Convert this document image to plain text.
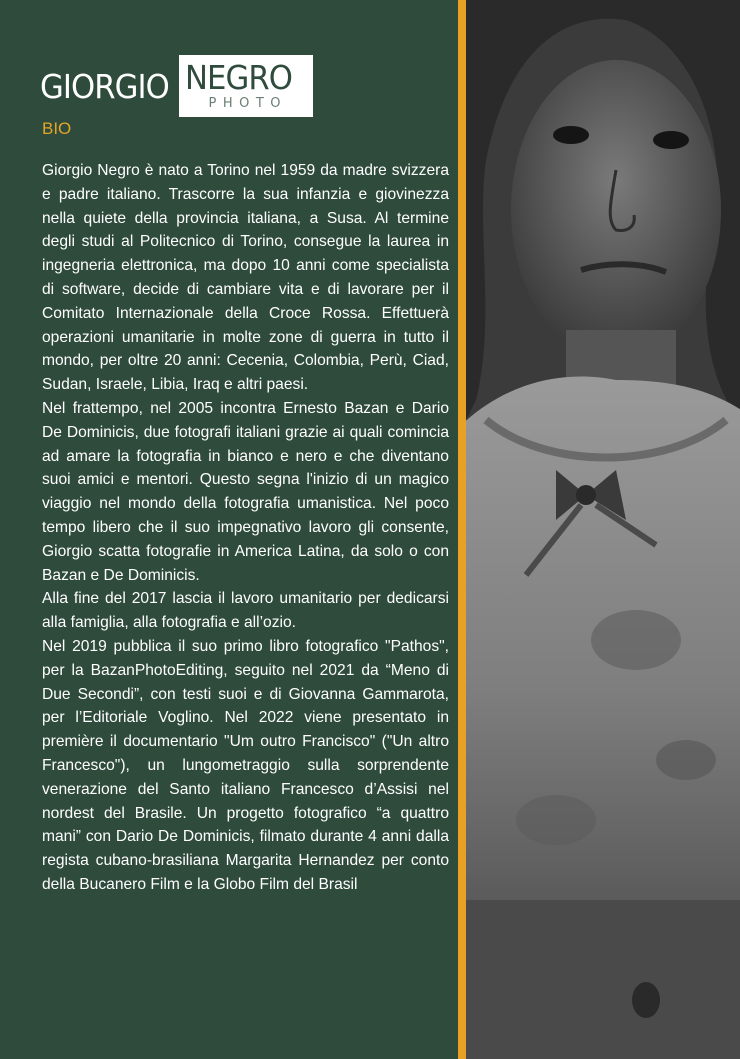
GIORGIO NEGRO
PHOTO
BIO

Giorgio Negro è nato a Torino nel 1959 da madre svizzera e padre italiano. Trascorre la sua infanzia e giovinezza nella quiete della provincia italiana, a Susa. Al termine degli studi al Politecnico di Torino, consegue la laurea in ingegneria elettronica, ma dopo 10 anni come specialista di software, decide di cambiare vita e di lavorare per il Comitato Internazionale della Croce Rossa. Effettuerà operazioni umanitarie in molte zone di guerra in tutto il mondo, per oltre 20 anni: Cecenia, Colombia, Perù, Ciad, Sudan, Israele, Libia, Iraq e altri paesi.

Nel frattempo, nel 2005 incontra Ernesto Bazan e Dario De Dominicis, due fotografi italiani grazie ai quali comincia ad amare la fotografia in bianco e nero e che diventano suoi amici e mentori. Questo segna l'inizio di un magico viaggio nel mondo della fotografia umanistica. Nel poco tempo libero che il suo impegnativo lavoro gli consente, Giorgio scatta fotografie in America Latina, da solo o con Bazan e De Dominicis.

Alla fine del 2017 lascia il lavoro umanitario per dedicarsi alla famiglia, alla fotografia e all’ozio.

Nel 2019 pubblica il suo primo libro fotografico "Pathos", per la BazanPhotoEditing, seguito nel 2021 da “Meno di Due Secondi”, con testi suoi e di Giovanna Gammarota, per l’Editoriale Voglino. Nel 2022 viene presentato in première il documentario "Um outro Francisco" ("Un altro Francesco"), un lungometraggio sulla sorprendente venerazione del Santo italiano Francesco d’Assisi nel nordest del Brasile. Un progetto fotografico “a quattro mani” con Dario De Dominicis, filmato durante 4 anni dalla regista cubano-brasiliana Margarita Hernandez per conto della Bucanero Film e la Globo Film del Brasil
